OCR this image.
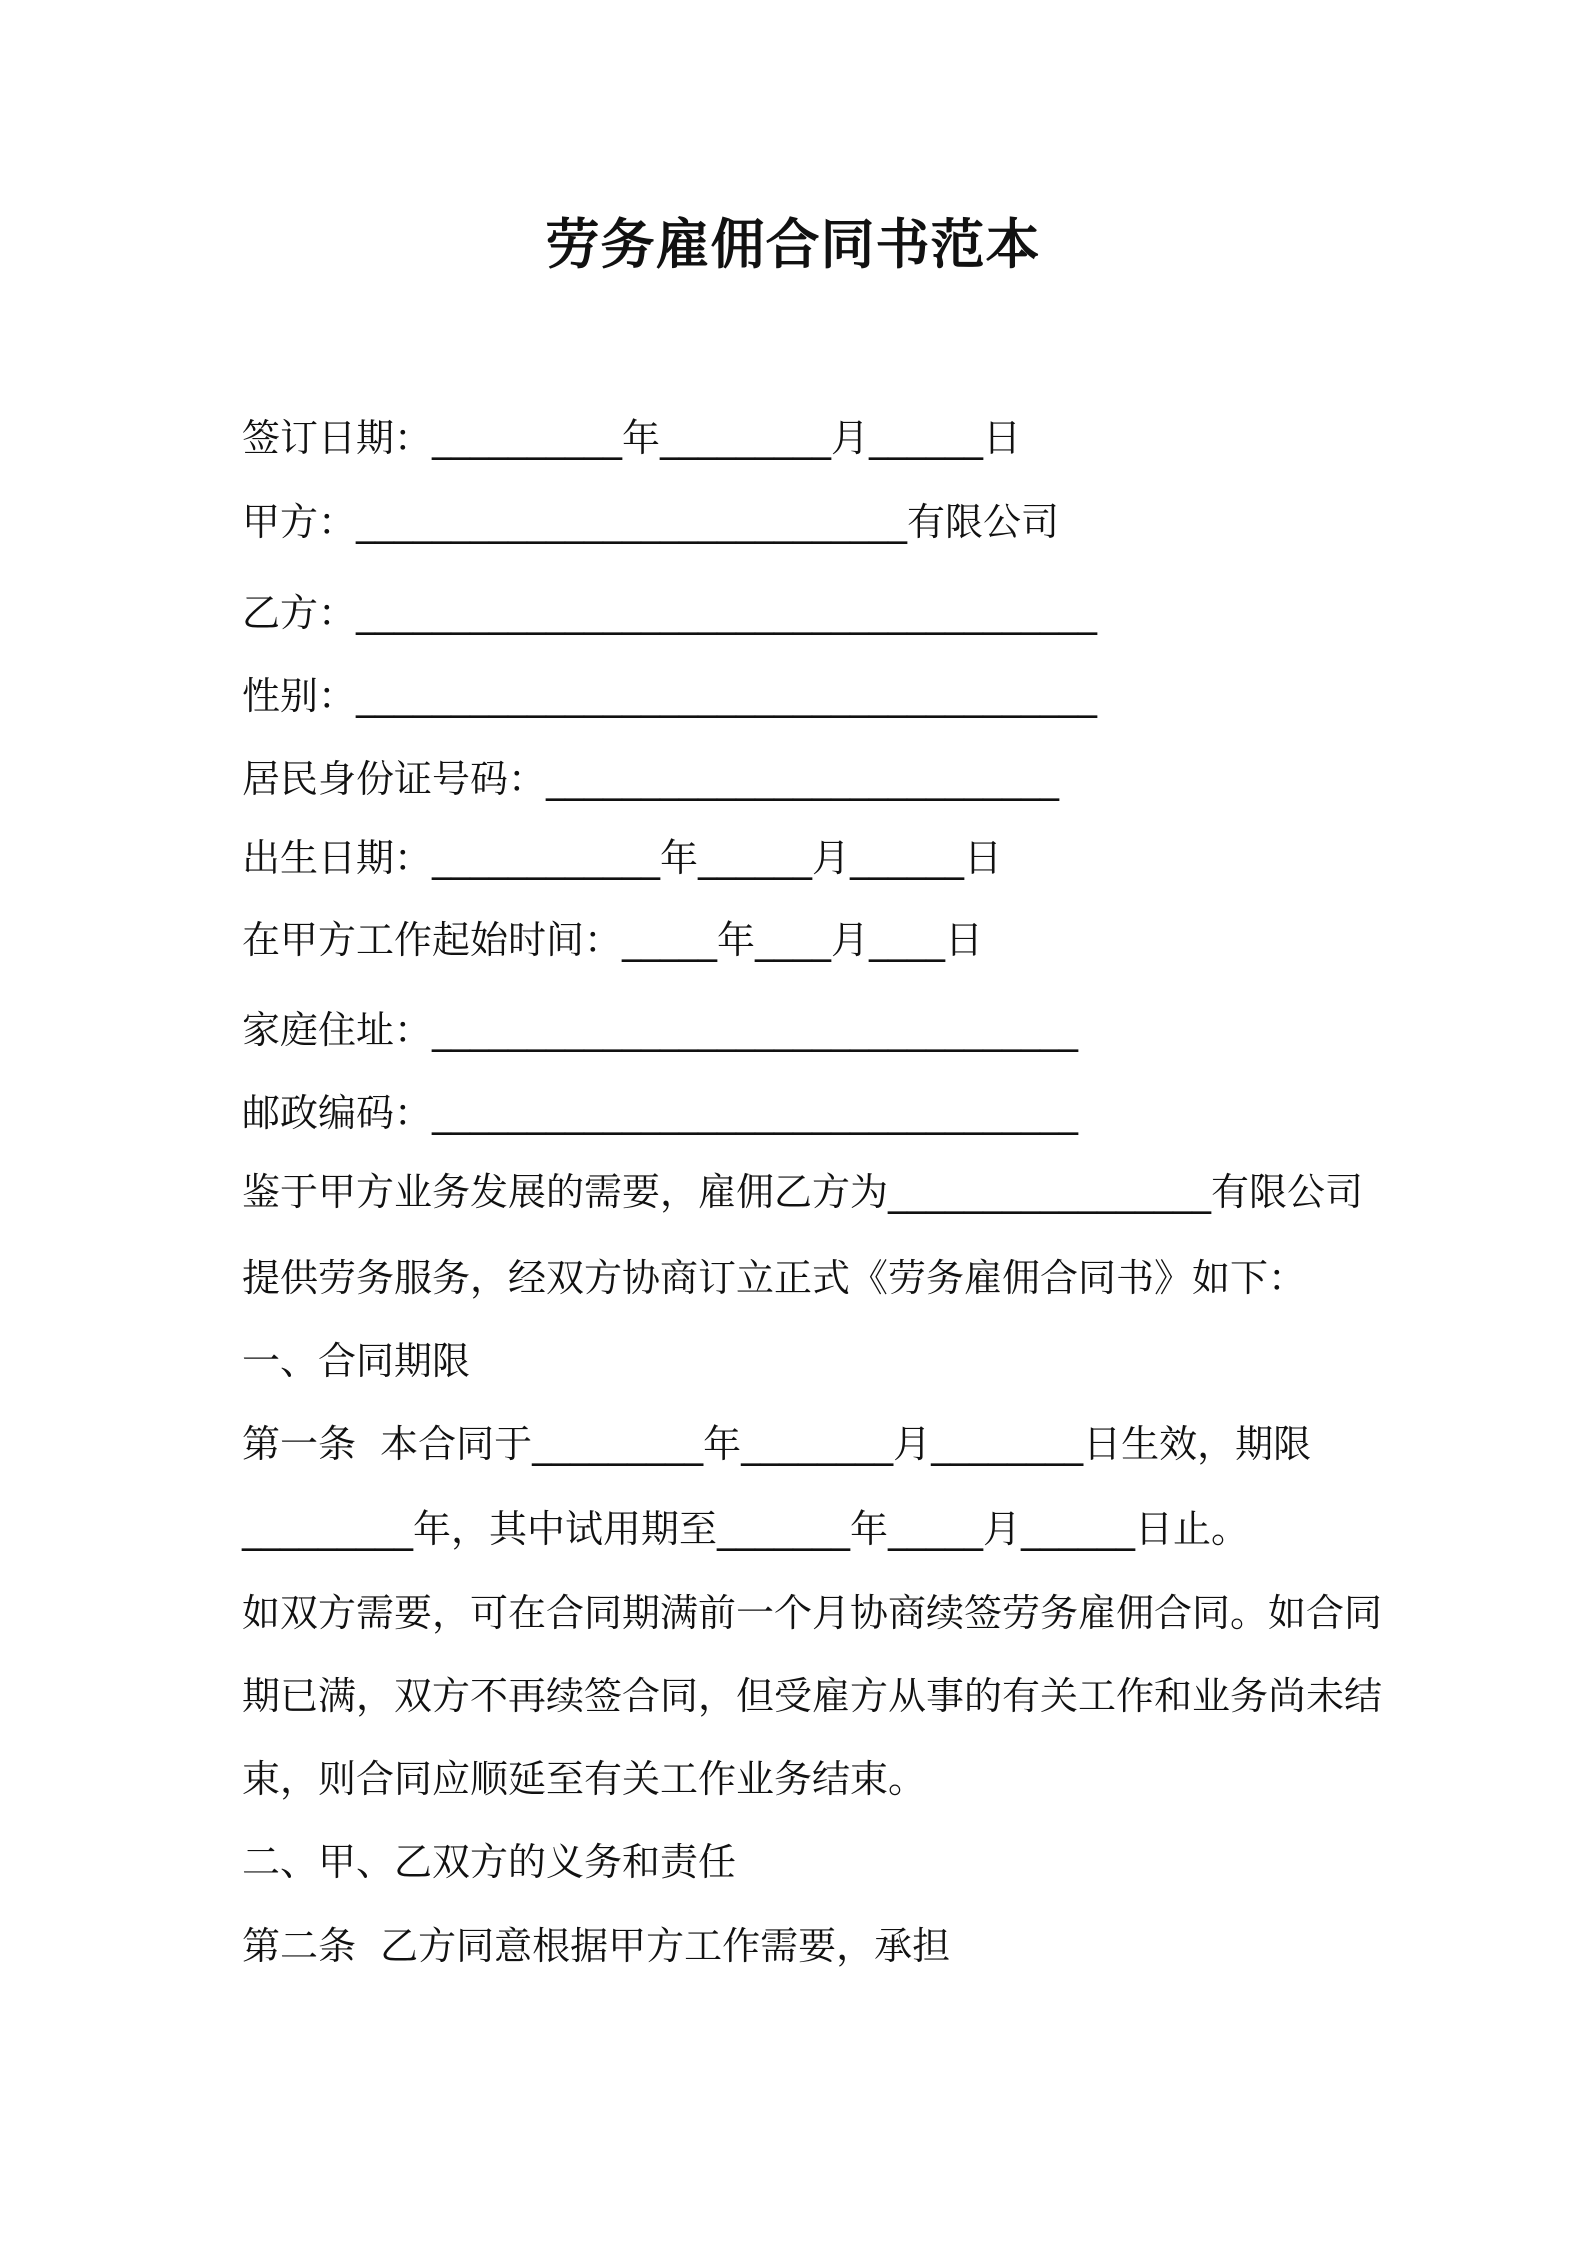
劳务雇佣合同书范本

签订日期：__________年_________月______日

甲方：_____________________________有限公司

乙方：_______________________________________

性别：_______________________________________

居民身份证号码：___________________________

出生日期：____________年______月______日

在甲方工作起始时间：_____年____月____日

家庭住址：__________________________________

邮政编码：__________________________________

鉴于甲方业务发展的需要，雇佣乙方为_________________有限公司

提供劳务服务，经双方协商订立正式《劳务雇佣合同书》如下：

一、合同期限

第一条  本合同于_________年________月________日生效，期限

_________年，其中试用期至_______年_____月______日止。

如双方需要，可在合同期满前一个月协商续签劳务雇佣合同。如合同

期已满，双方不再续签合同，但受雇方从事的有关工作和业务尚未结

束，则合同应顺延至有关工作业务结束。

二、甲、乙双方的义务和责任

第二条  乙方同意根据甲方工作需要，承担
